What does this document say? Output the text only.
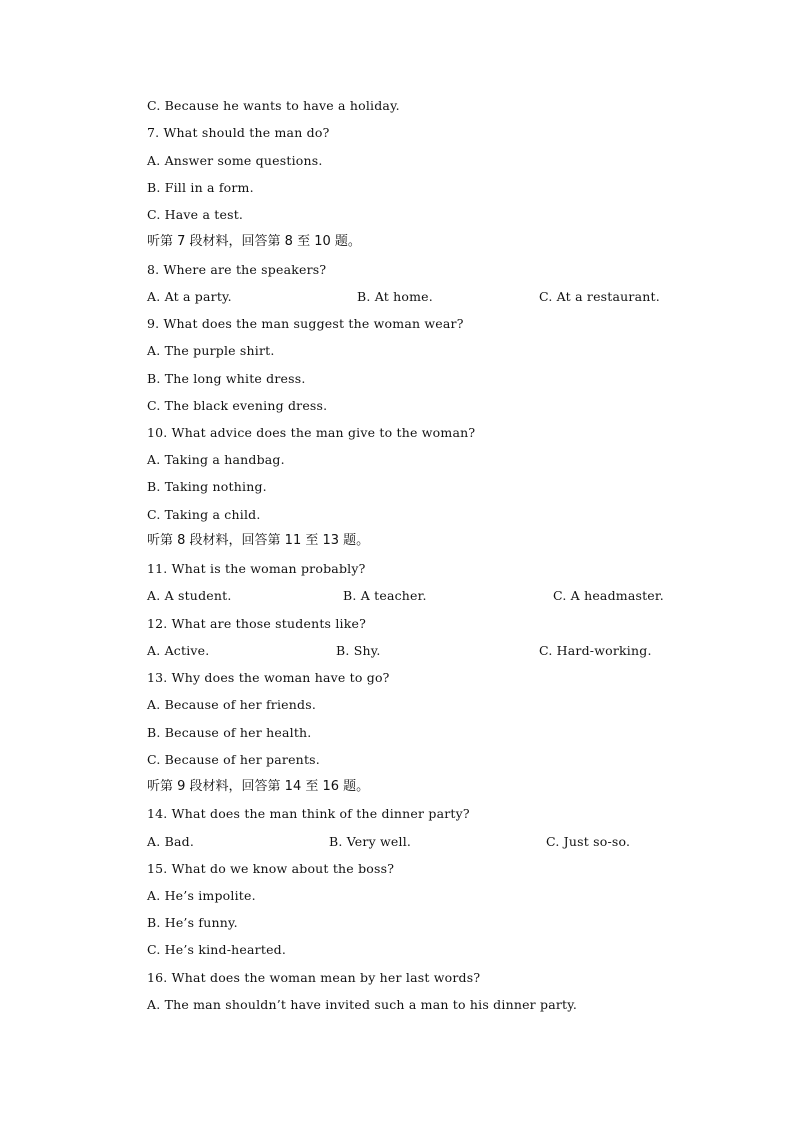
C. Because he wants to have a holiday.
7. What should the man do?
A. Answer some questions.
B. Fill in a form.
C. Have a test.
听第 7 段材料，回答第 8 至 10 题。
8. Where are the speakers?
A. At a party.	B. At home.	C. At a restaurant.
9. What does the man suggest the woman wear?
A. The purple shirt.
B. The long white dress.
C. The black evening dress.
10. What advice does the man give to the woman?
A. Taking a handbag.
B. Taking nothing.
C. Taking a child.
听第 8 段材料，回答第 11 至 13 题。
11. What is the woman probably?
A. A student.	B. A teacher.	C. A headmaster.
12. What are those students like?
A. Active.	B. Shy.	C. Hard-working.
13. Why does the woman have to go?
A. Because of her friends.
B. Because of her health.
C. Because of her parents.
听第 9 段材料，回答第 14 至 16 题。
14. What does the man think of the dinner party?
A. Bad.	B. Very well.	C. Just so-so.
15. What do we know about the boss?
A. He’s impolite.
B. He’s funny.
C. He’s kind-hearted.
16. What does the woman mean by her last words?
A. The man shouldn’t have invited such a man to his dinner party.
